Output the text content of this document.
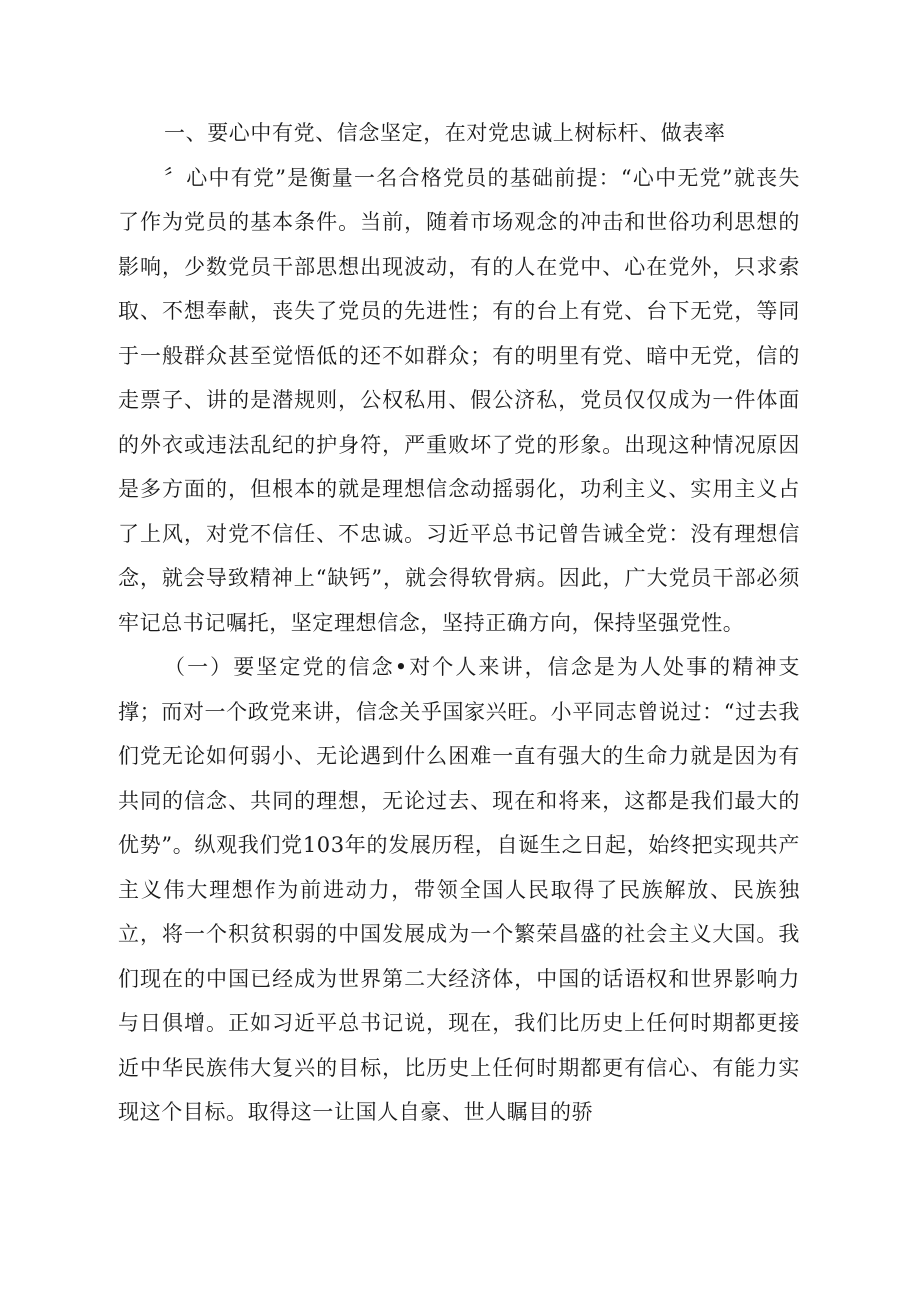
一、要心中有党、信念坚定，在对党忠诚上树标杆、做表率

〞心中有党”是衡量一名合格党员的基础前提：“心中无党”就丧失了作为党员的基本条件。当前，随着市场观念的冲击和世俗功利思想的影响，少数党员干部思想出现波动，有的人在党中、心在党外，只求索取、不想奉献，丧失了党员的先进性；有的台上有党、台下无党，等同于一般群众甚至觉悟低的还不如群众；有的明里有党、暗中无党，信的走票子、讲的是潜规则，公权私用、假公济私，党员仅仅成为一件体面的外衣或违法乱纪的护身符，严重败坏了党的形象。出现这种情况原因是多方面的，但根本的就是理想信念动摇弱化，功利主义、实用主义占了上风，对党不信任、不忠诚。习近平总书记曾告诫全党：没有理想信念，就会导致精神上“缺钙”，就会得软骨病。因此，广大党员干部必须牢记总书记嘱托，坚定理想信念，坚持正确方向，保持坚强党性。

（一）要坚定党的信念•对个人来讲，信念是为人处事的精神支撑；而对一个政党来讲，信念关乎国家兴旺。小平同志曾说过：“过去我们党无论如何弱小、无论遇到什么困难一直有强大的生命力就是因为有共同的信念、共同的理想，无论过去、现在和将来，这都是我们最大的优势”。纵观我们党103年的发展历程，自诞生之日起，始终把实现共产主义伟大理想作为前进动力，带领全国人民取得了民族解放、民族独立，将一个积贫积弱的中国发展成为一个繁荣昌盛的社会主义大国。我们现在的中国已经成为世界第二大经济体，中国的话语权和世界影响力与日俱增。正如习近平总书记说，现在，我们比历史上任何时期都更接近中华民族伟大复兴的目标，比历史上任何时期都更有信心、有能力实现这个目标。取得这一让国人自豪、世人瞩目的骄
